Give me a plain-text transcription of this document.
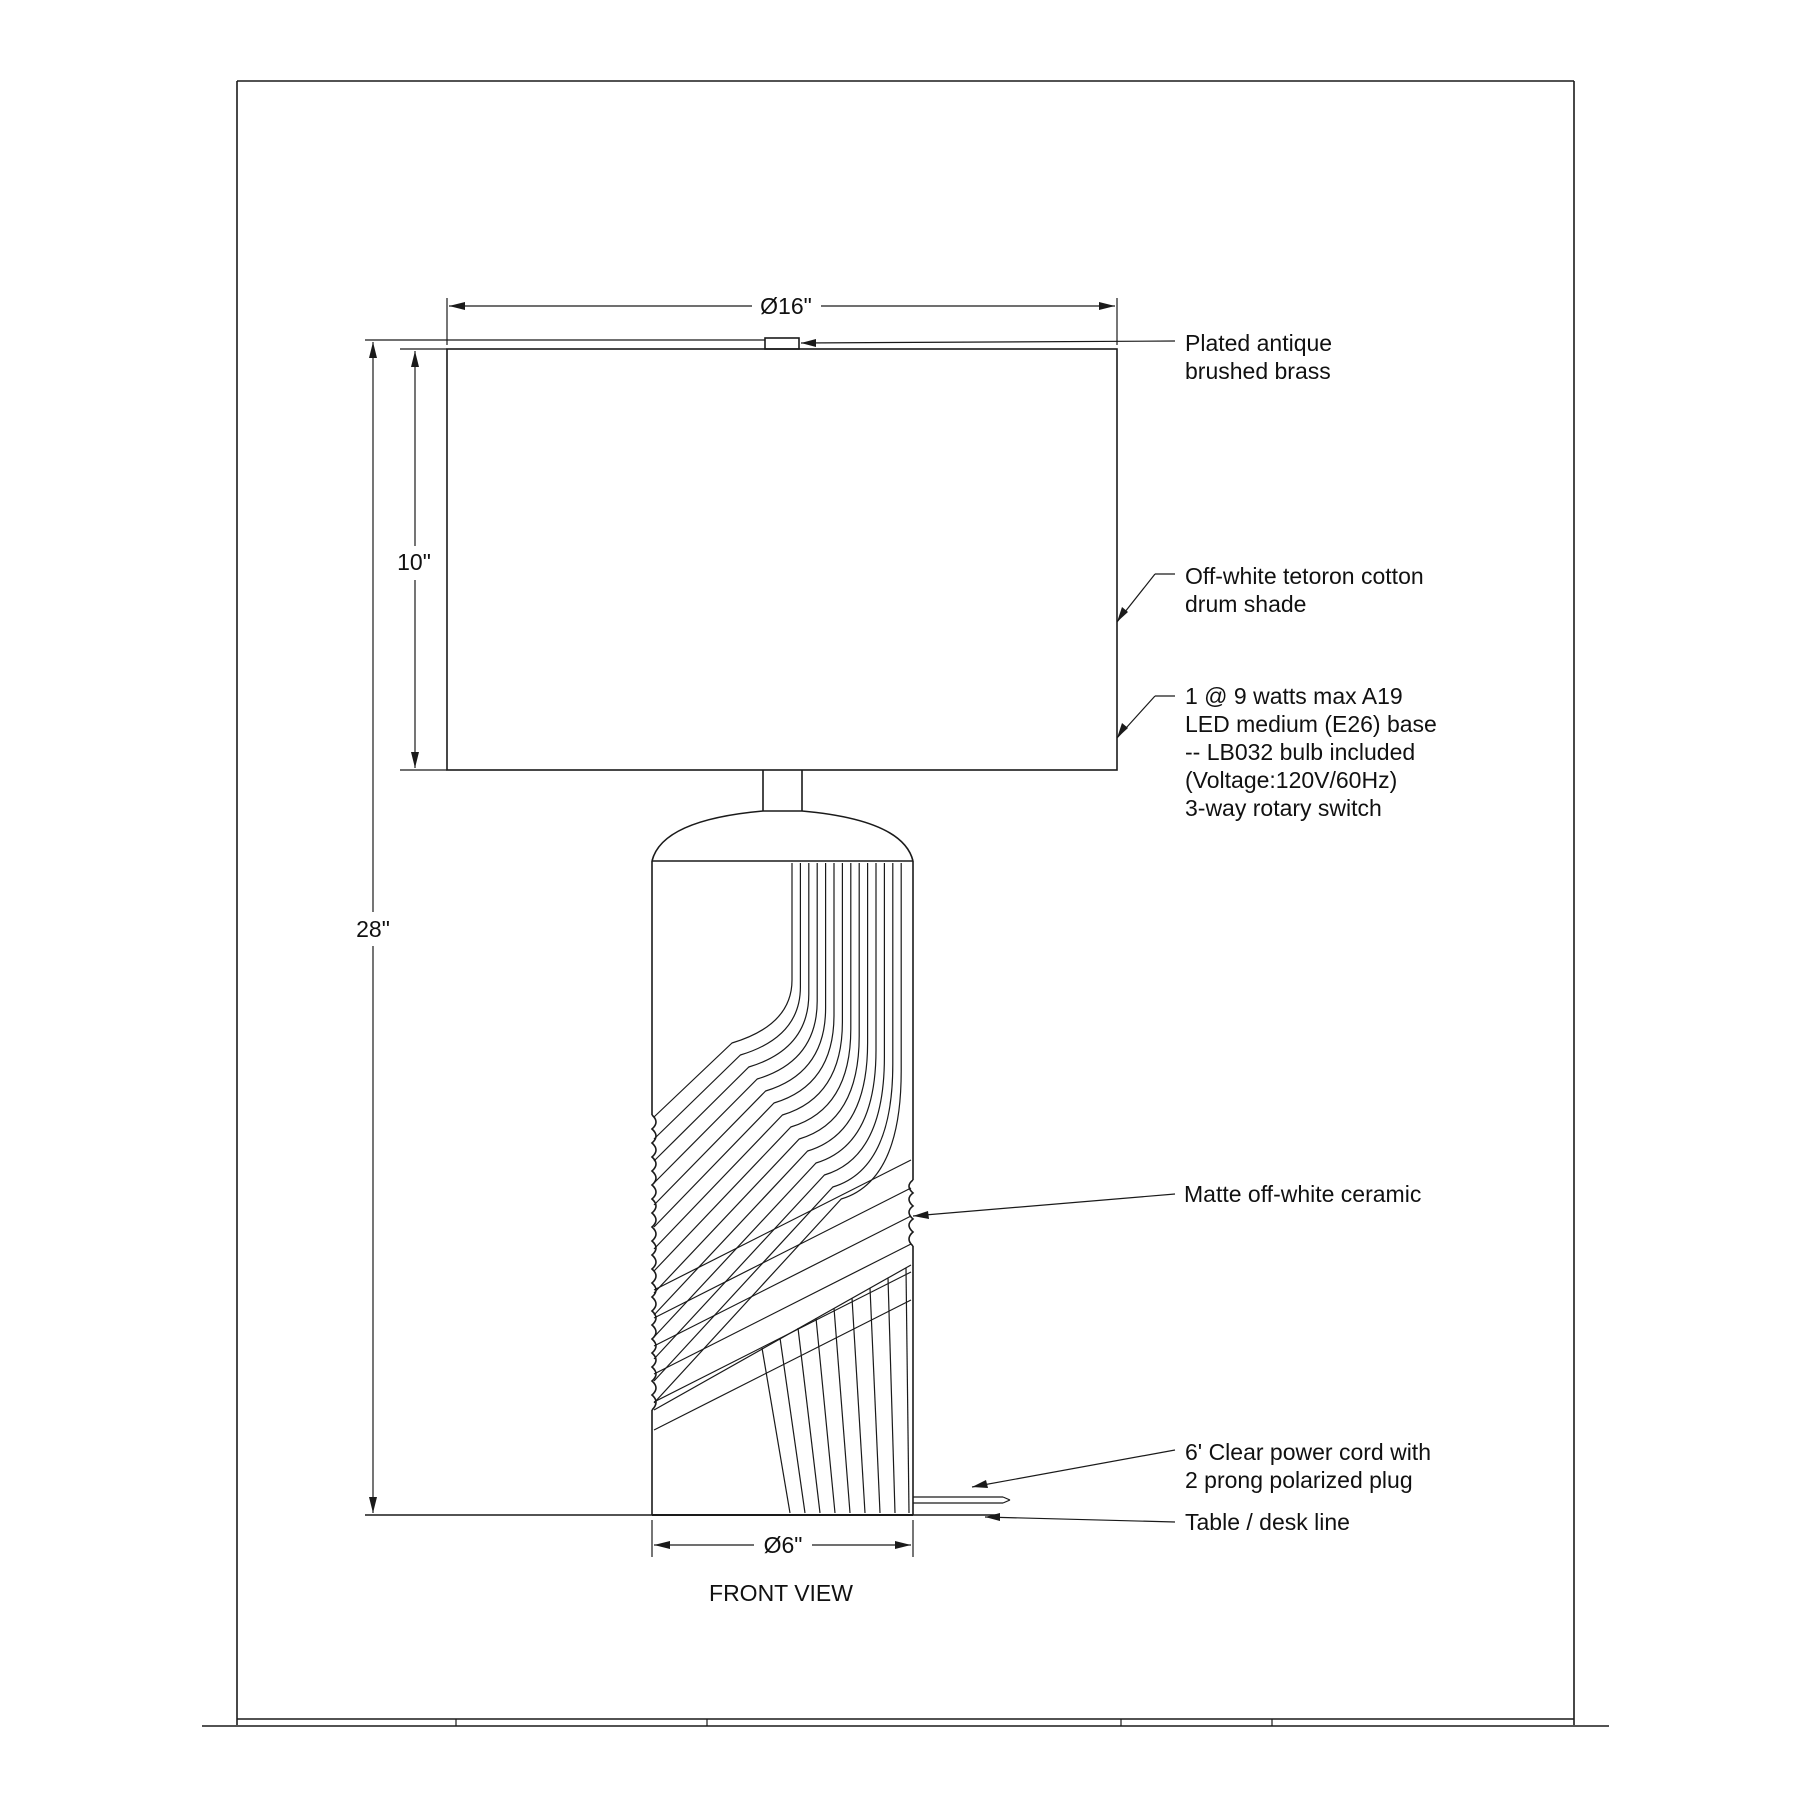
Ø16"
10"
28"
Ø6"
Plated antique
brushed brass
Off-white tetoron cotton
drum shade
1 @ 9 watts max A19
LED medium (E26) base
-- LB032 bulb included
(Voltage:120V/60Hz)
3-way rotary switch
Matte off-white ceramic
6' Clear power cord with
2 prong polarized plug
Table / desk line
FRONT VIEW
